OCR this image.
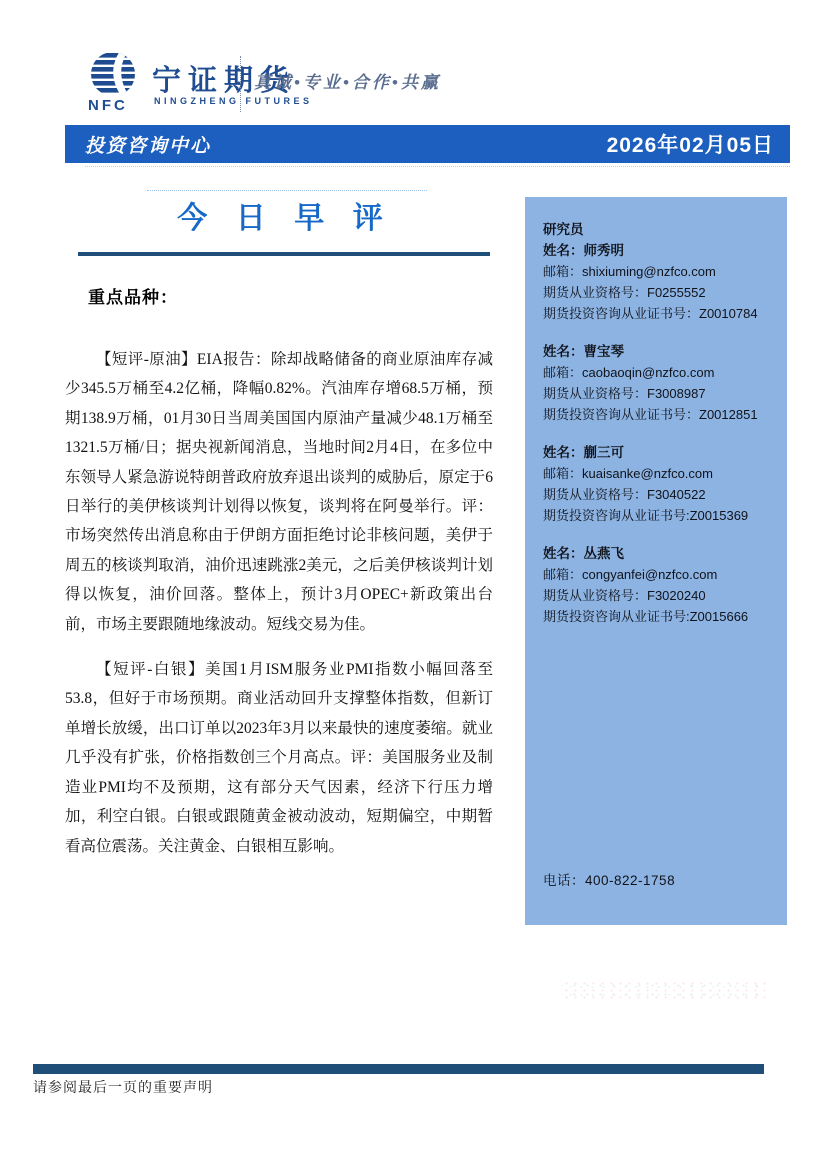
NFC
宁证期货
NINGZHENG FUTURES
真诚•专业•合作•共赢
投资咨询中心	2026年02月05日
今日早评
重点品种：

【短评-原油】EIA报告：除却战略储备的商业原油库存减少345.5万桶至4.2亿桶，降幅0.82%。汽油库存增68.5万桶，预期138.9万桶，01月30日当周美国国内原油产量减少48.1万桶至1321.5万桶/日；据央视新闻消息，当地时间2月4日，在多位中东领导人紧急游说特朗普政府放弃退出谈判的威胁后，原定于6日举行的美伊核谈判计划得以恢复，谈判将在阿曼举行。评：市场突然传出消息称由于伊朗方面拒绝讨论非核问题，美伊于周五的核谈判取消，油价迅速跳涨2美元，之后美伊核谈判计划得以恢复，油价回落。整体上，预计3月OPEC+新政策出台前，市场主要跟随地缘波动。短线交易为佳。

【短评-白银】美国1月ISM服务业PMI指数小幅回落至53.8，但好于市场预期。商业活动回升支撑整体指数，但新订单增长放缓，出口订单以2023年3月以来最快的速度萎缩。就业几乎没有扩张，价格指数创三个月高点。评：美国服务业及制造业PMI均不及预期，这有部分天气因素，经济下行压力增加，利空白银。白银或跟随黄金被动波动，短期偏空，中期暂看高位震荡。关注黄金、白银相互影响。

研究员
姓名：师秀明
邮箱：shixiuming@nzfco.com
期货从业资格号：F0255552
期货投资咨询从业证书号：Z0010784
姓名：曹宝琴
邮箱：caobaoqin@nzfco.com
期货从业资格号：F3008987
期货投资咨询从业证书号：Z0012851
姓名：蒯三可
邮箱：kuaisanke@nzfco.com
期货从业资格号：F3040522
期货投资咨询从业证书号:Z0015369
姓名：丛燕飞
邮箱：congyanfei@nzfco.com
期货从业资格号：F3020240
期货投资咨询从业证书号:Z0015666
电话：400-822-1758
请参阅最后一页的重要声明
